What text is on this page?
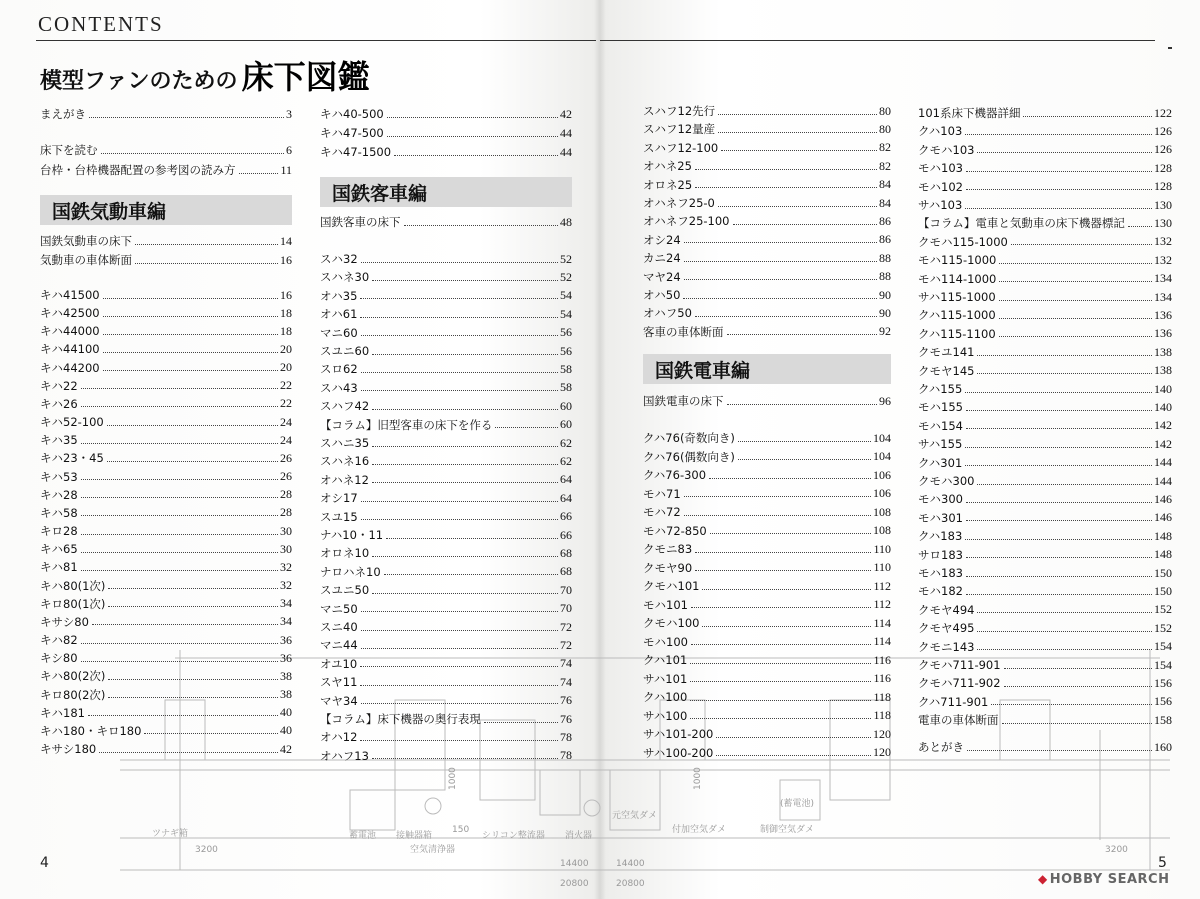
ツナギ箱	蓄電池 接触器箱
空気清浄器
シリコン整流器 消火器
元空気ダメ
付加空気ダメ
(蓄電池)
制御空気ダメ
3200
14400
20800
14400
20800
3200
150
1000	1000
CONTENTS
模型ファンのための 床下図鑑
まえがき	3
床下を読む	6
台枠・台枠機器配置の参考図の読み方	11
国鉄気動車編
国鉄気動車の床下	14
気動車の車体断面	16
キハ41500	16
キハ42500	18
キハ44000	18
キハ44100	20
キハ44200	20
キハ22	22
キハ26	22
キハ52-100	24
キハ35	24
キハ23・45	26
キハ53	26
キハ28	28
キハ58	28
キロ28	30
キハ65	30
キハ81	32
キハ80(1次)	32
キロ80(1次)	34
キサシ80	34
キハ82	36
キシ80	36
キハ80(2次)	38
キロ80(2次)	38
キハ181	40
キハ180・キロ180	40
キサシ180	42
キハ40-500	42
キハ47-500	44
キハ47-1500	44
国鉄客車編
国鉄客車の床下	48
スハ32	52
スハネ30	52
オハ35	54
オハ61	54
マニ60	56
スユニ60	56
スロ62	58
スハ43	58
スハフ42	60
【コラム】旧型客車の床下を作る	60
スハニ35	62
スハネ16	62
オハネ12	64
オシ17	64
スユ15	66
ナハ10・11	66
オロネ10	68
ナロハネ10	68
スユニ50	70
マニ50	70
スニ40	72
マニ44	72
オユ10	74
スヤ11	74
マヤ34	76
【コラム】床下機器の奥行表現	76
オハ12	78
オハフ13	78
4
スハフ12先行	80
スハフ12量産	80
スハフ12-100	82
オハネ25	82
オロネ25	84
オハネフ25-0	84
オハネフ25-100	86
オシ24	86
カニ24	88
マヤ24	88
オハ50	90
オハフ50	90
客車の車体断面	92
国鉄電車編
国鉄電車の床下	96
クハ76(奇数向き)	104
クハ76(偶数向き)	104
クハ76-300	106
モハ71	106
モハ72	108
モハ72-850	108
クモニ83	110
クモヤ90	110
クモハ101	112
モハ101	112
クモハ100	114
モハ100	114
クハ101	116
サハ101	116
クハ100	118
サハ100	118
サハ101-200	120
サハ100-200	120
101系床下機器詳細	122
クハ103	126
クモハ103	126
モハ103	128
モハ102	128
サハ103	130
【コラム】電車と気動車の床下機器標記 130
クモハ115-1000	132
モハ115-1000	132
モハ114-1000	134
サハ115-1000	134
クハ115-1000	136
クハ115-1100	136
クモユ141	138
クモヤ145	138
クハ155	140
モハ155	140
モハ154	142
サハ155	142
クハ301	144
クモハ300	144
モハ300	146
モハ301	146
クハ183	148
サロ183	148
モハ183	150
モハ182	150
クモヤ494	152
クモヤ495	152
クモニ143	154
クモハ711-901	154
クモハ711-902	156
クハ711-901	156
電車の車体断面	158
あとがき	160
5
◆ HOBBY SEARCH
